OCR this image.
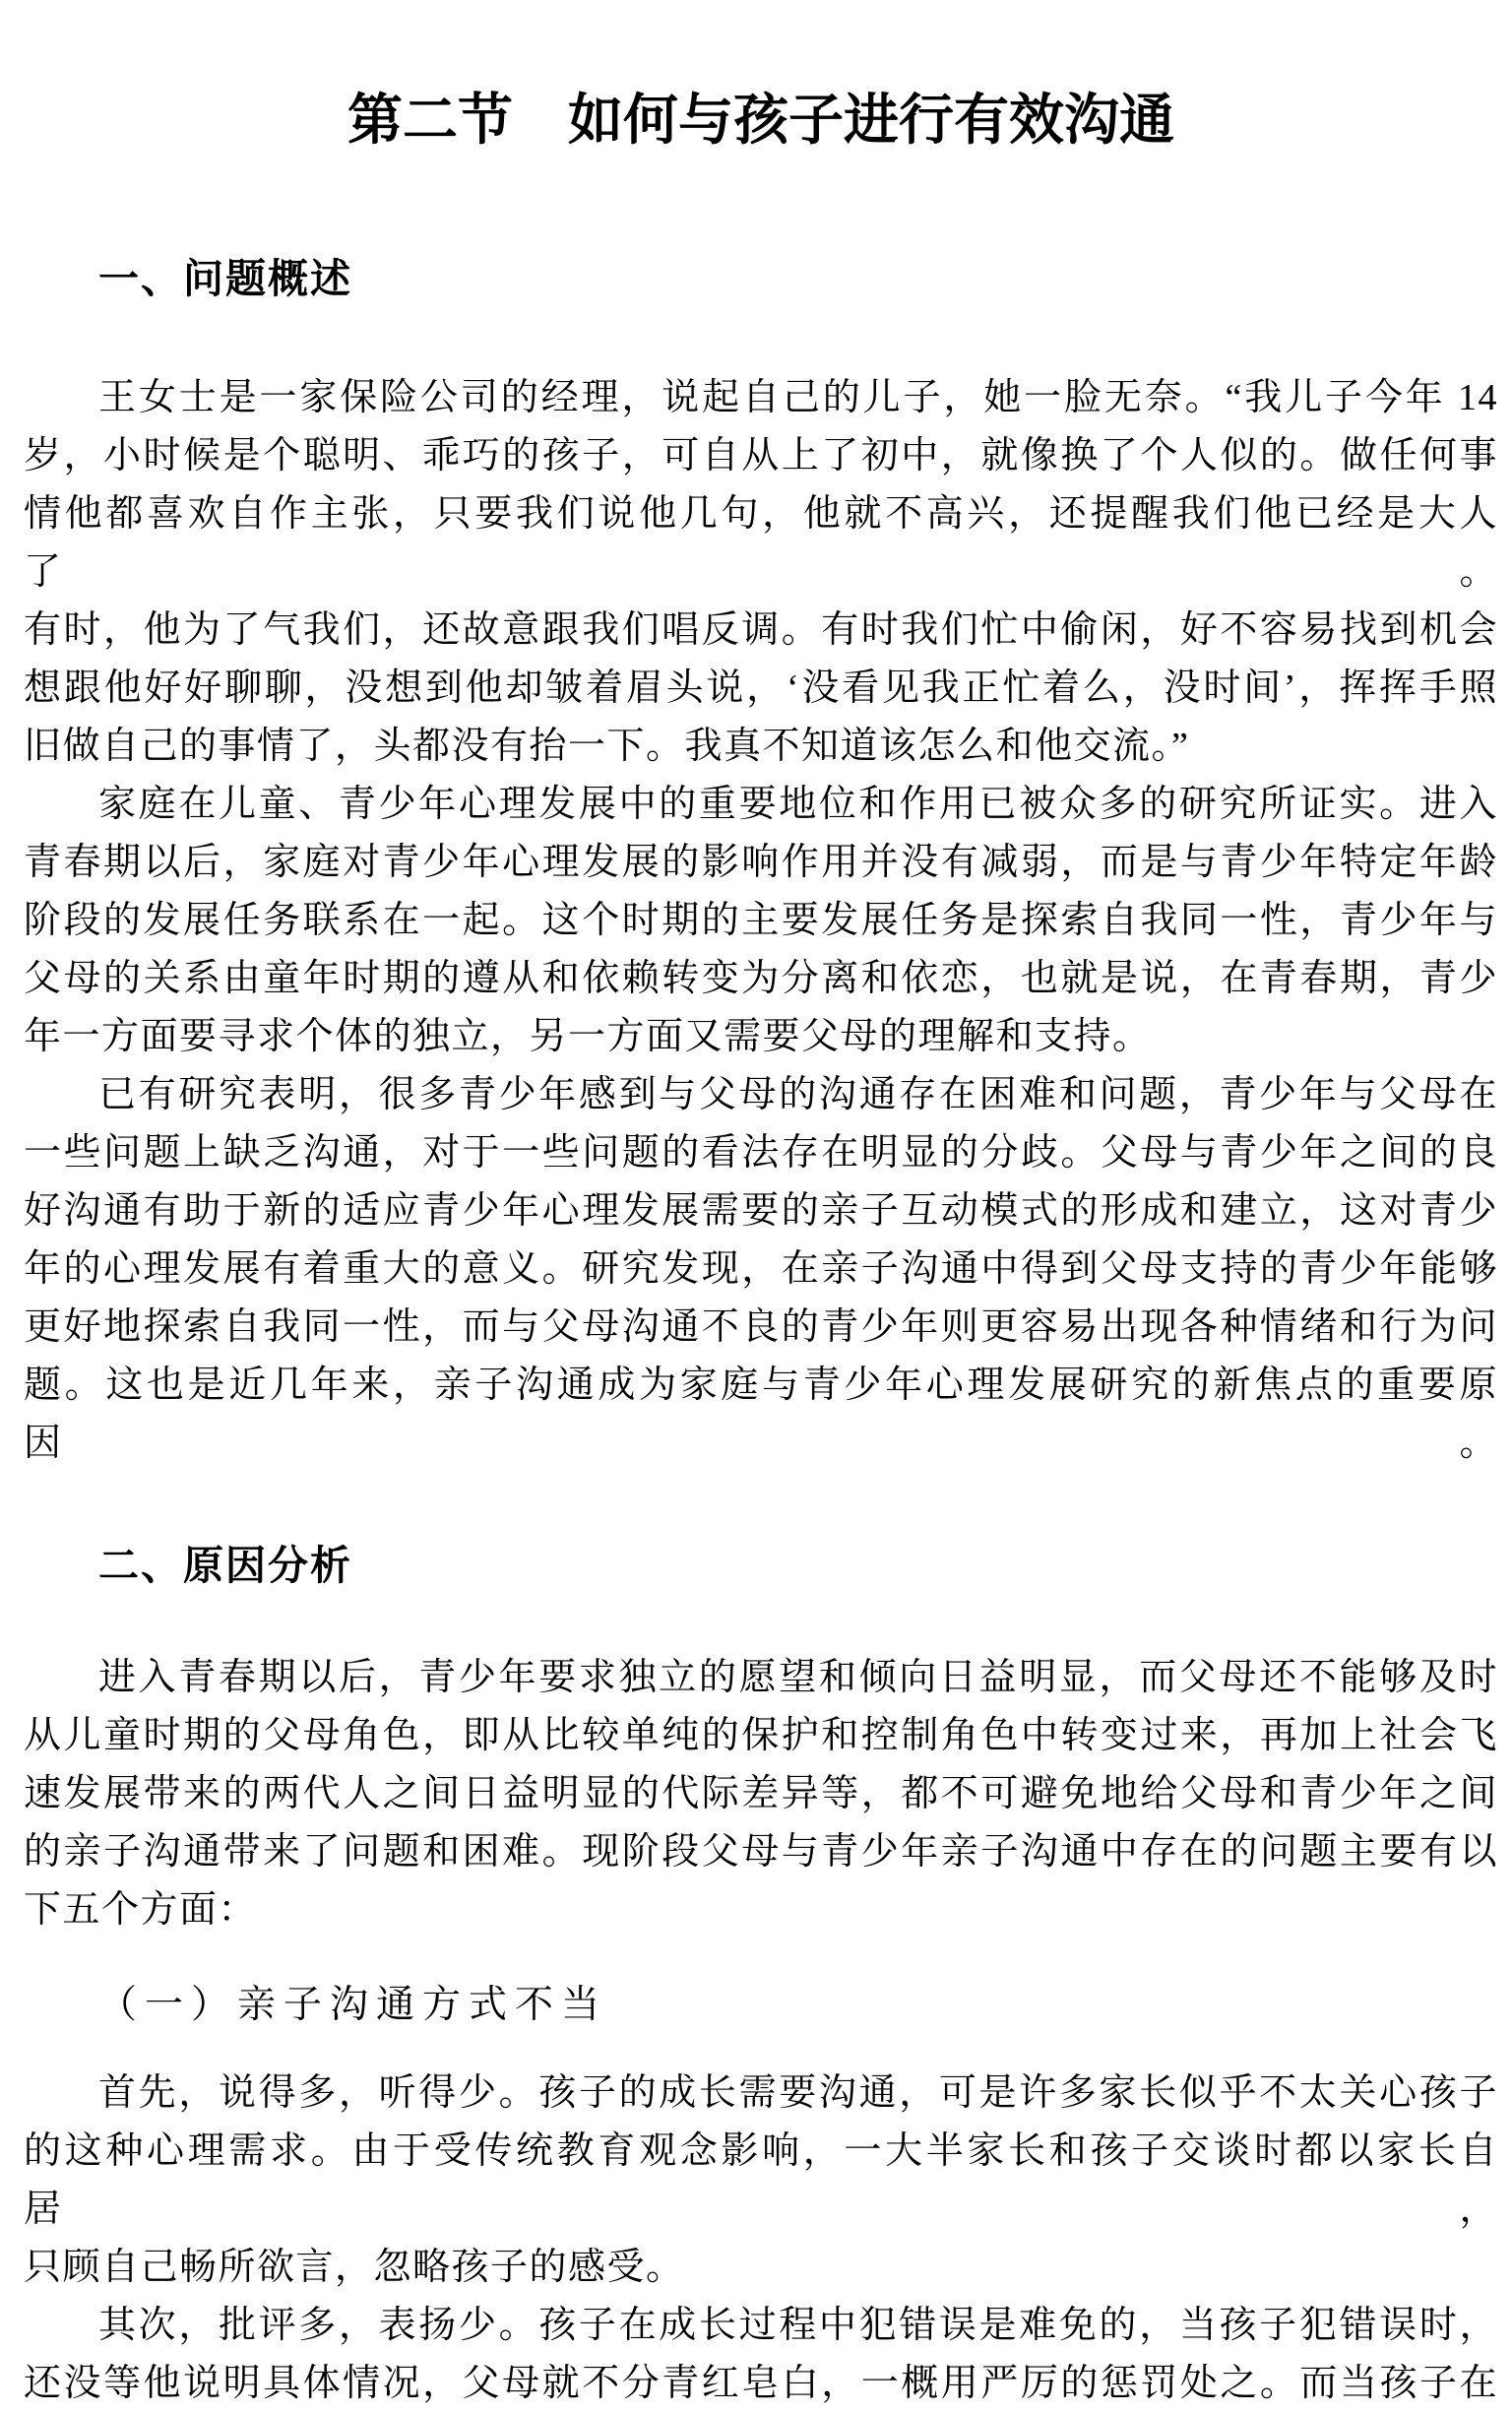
第二节　如何与孩子进行有效沟通
一、问题概述
王女士是一家保险公司的经理，说起自己的儿子，她一脸无奈。“我儿子今年 14
岁，小时候是个聪明、乖巧的孩子，可自从上了初中，就像换了个人似的。做任何事
情他都喜欢自作主张，只要我们说他几句，他就不高兴，还提醒我们他已经是大人了。
有时，他为了气我们，还故意跟我们唱反调。有时我们忙中偷闲，好不容易找到机会
想跟他好好聊聊，没想到他却皱着眉头说，‘没看见我正忙着么，没时间’，挥挥手照
旧做自己的事情了，头都没有抬一下。我真不知道该怎么和他交流。”
家庭在儿童、青少年心理发展中的重要地位和作用已被众多的研究所证实。进入
青春期以后，家庭对青少年心理发展的影响作用并没有减弱，而是与青少年特定年龄
阶段的发展任务联系在一起。这个时期的主要发展任务是探索自我同一性，青少年与
父母的关系由童年时期的遵从和依赖转变为分离和依恋，也就是说，在青春期，青少
年一方面要寻求个体的独立，另一方面又需要父母的理解和支持。
已有研究表明，很多青少年感到与父母的沟通存在困难和问题，青少年与父母在
一些问题上缺乏沟通，对于一些问题的看法存在明显的分歧。父母与青少年之间的良
好沟通有助于新的适应青少年心理发展需要的亲子互动模式的形成和建立，这对青少
年的心理发展有着重大的意义。研究发现，在亲子沟通中得到父母支持的青少年能够
更好地探索自我同一性，而与父母沟通不良的青少年则更容易出现各种情绪和行为问
题。这也是近几年来，亲子沟通成为家庭与青少年心理发展研究的新焦点的重要原因。
二、原因分析
进入青春期以后，青少年要求独立的愿望和倾向日益明显，而父母还不能够及时
从儿童时期的父母角色，即从比较单纯的保护和控制角色中转变过来，再加上社会飞
速发展带来的两代人之间日益明显的代际差异等，都不可避免地给父母和青少年之间
的亲子沟通带来了问题和困难。现阶段父母与青少年亲子沟通中存在的问题主要有以
下五个方面：
（一）亲子沟通方式不当
首先，说得多，听得少。孩子的成长需要沟通，可是许多家长似乎不太关心孩子
的这种心理需求。由于受传统教育观念影响，一大半家长和孩子交谈时都以家长自居，
只顾自己畅所欲言，忽略孩子的感受。
其次，批评多，表扬少。孩子在成长过程中犯错误是难免的，当孩子犯错误时，
还没等他说明具体情况，父母就不分青红皂白，一概用严厉的惩罚处之。而当孩子在
